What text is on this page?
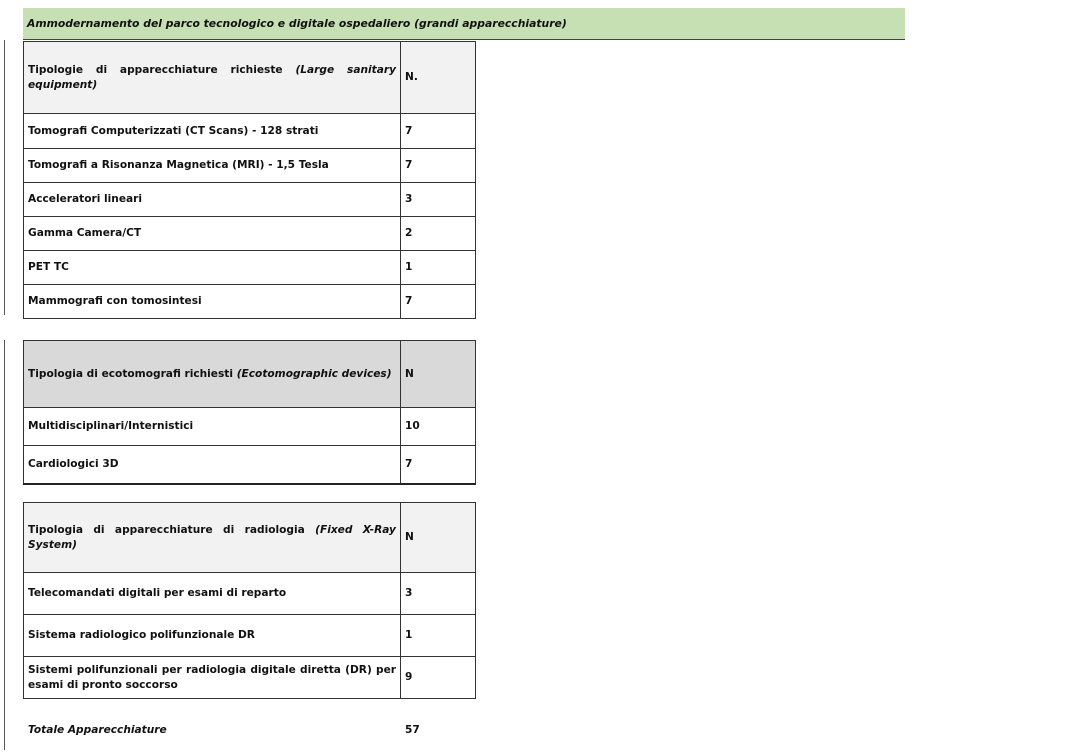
Ammodernamento del parco tecnologico e digitale ospedaliero (grandi apparecchiature)
Tipologie di apparecchiature richieste (Large sanitary equipment)	N.
Tomografi Computerizzati (CT Scans) - 128 strati	7
Tomografi a Risonanza Magnetica (MRI) - 1,5 Tesla	7
Acceleratori lineari	3
Gamma Camera/CT	2
PET TC	1
Mammografi con tomosintesi	7
Tipologia di ecotomografi richiesti (Ecotomographic devices)	N
Multidisciplinari/Internistici	10
Cardiologici 3D	7
Tipologia di apparecchiature di radiologia (Fixed X-Ray System)	N
Telecomandati digitali per esami di reparto	3
Sistema radiologico polifunzionale DR	1
Sistemi polifunzionali per radiologia digitale diretta (DR) per esami di pronto soccorso	9
Totale Apparecchiature	57
